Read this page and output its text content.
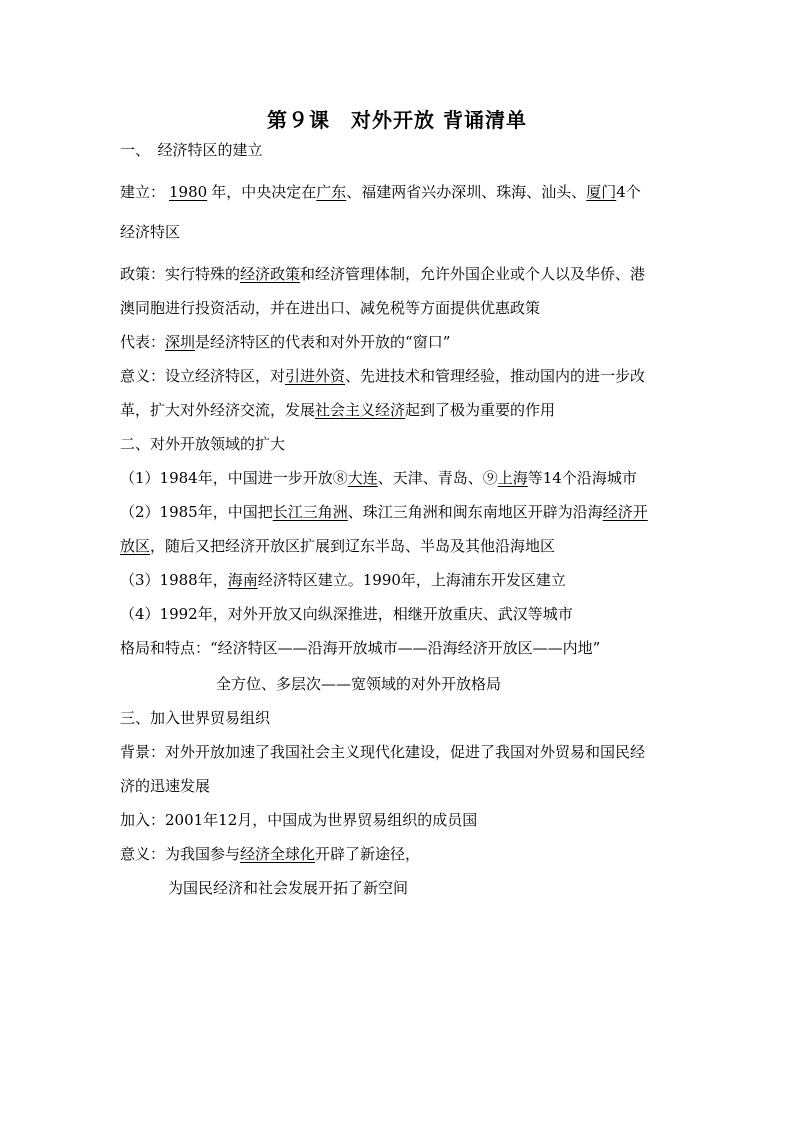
第９课　对外开放 背诵清单
一、　经济特区的建立
建立： 1980 年，中央决定在广东、福建两省兴办深圳、珠海、汕头、厦门4个
经济特区
政策：实行特殊的经济政策和经济管理体制，允许外国企业或个人以及华侨、港
澳同胞进行投资活动，并在进出口、减免税等方面提供优惠政策
代表：深圳是经济特区的代表和对外开放的“窗口”
意义：设立经济特区，对引进外资、先进技术和管理经验，推动国内的进一步改
革，扩大对外经济交流，发展社会主义经济起到了极为重要的作用
二、对外开放领域的扩大
（1）1984年，中国进一步开放⑧大连、天津、青岛、⑨上海等14个沿海城市
（2）1985年，中国把长江三角洲、珠江三角洲和闽东南地区开辟为沿海经济开
放区，随后又把经济开放区扩展到辽东半岛、半岛及其他沿海地区
（3）1988年，海南经济特区建立。1990年，上海浦东开发区建立
（4）1992年，对外开放又向纵深推进，相继开放重庆、武汉等城市
格局和特点：“经济特区——沿海开放城市——沿海经济开放区——内地”
全方位、多层次——宽领域的对外开放格局
三、加入世界贸易组织
背景：对外开放加速了我国社会主义现代化建设，促进了我国对外贸易和国民经
济的迅速发展
加入：2001年12月，中国成为世界贸易组织的成员国
意义：为我国参与经济全球化开辟了新途径，
为国民经济和社会发展开拓了新空间
